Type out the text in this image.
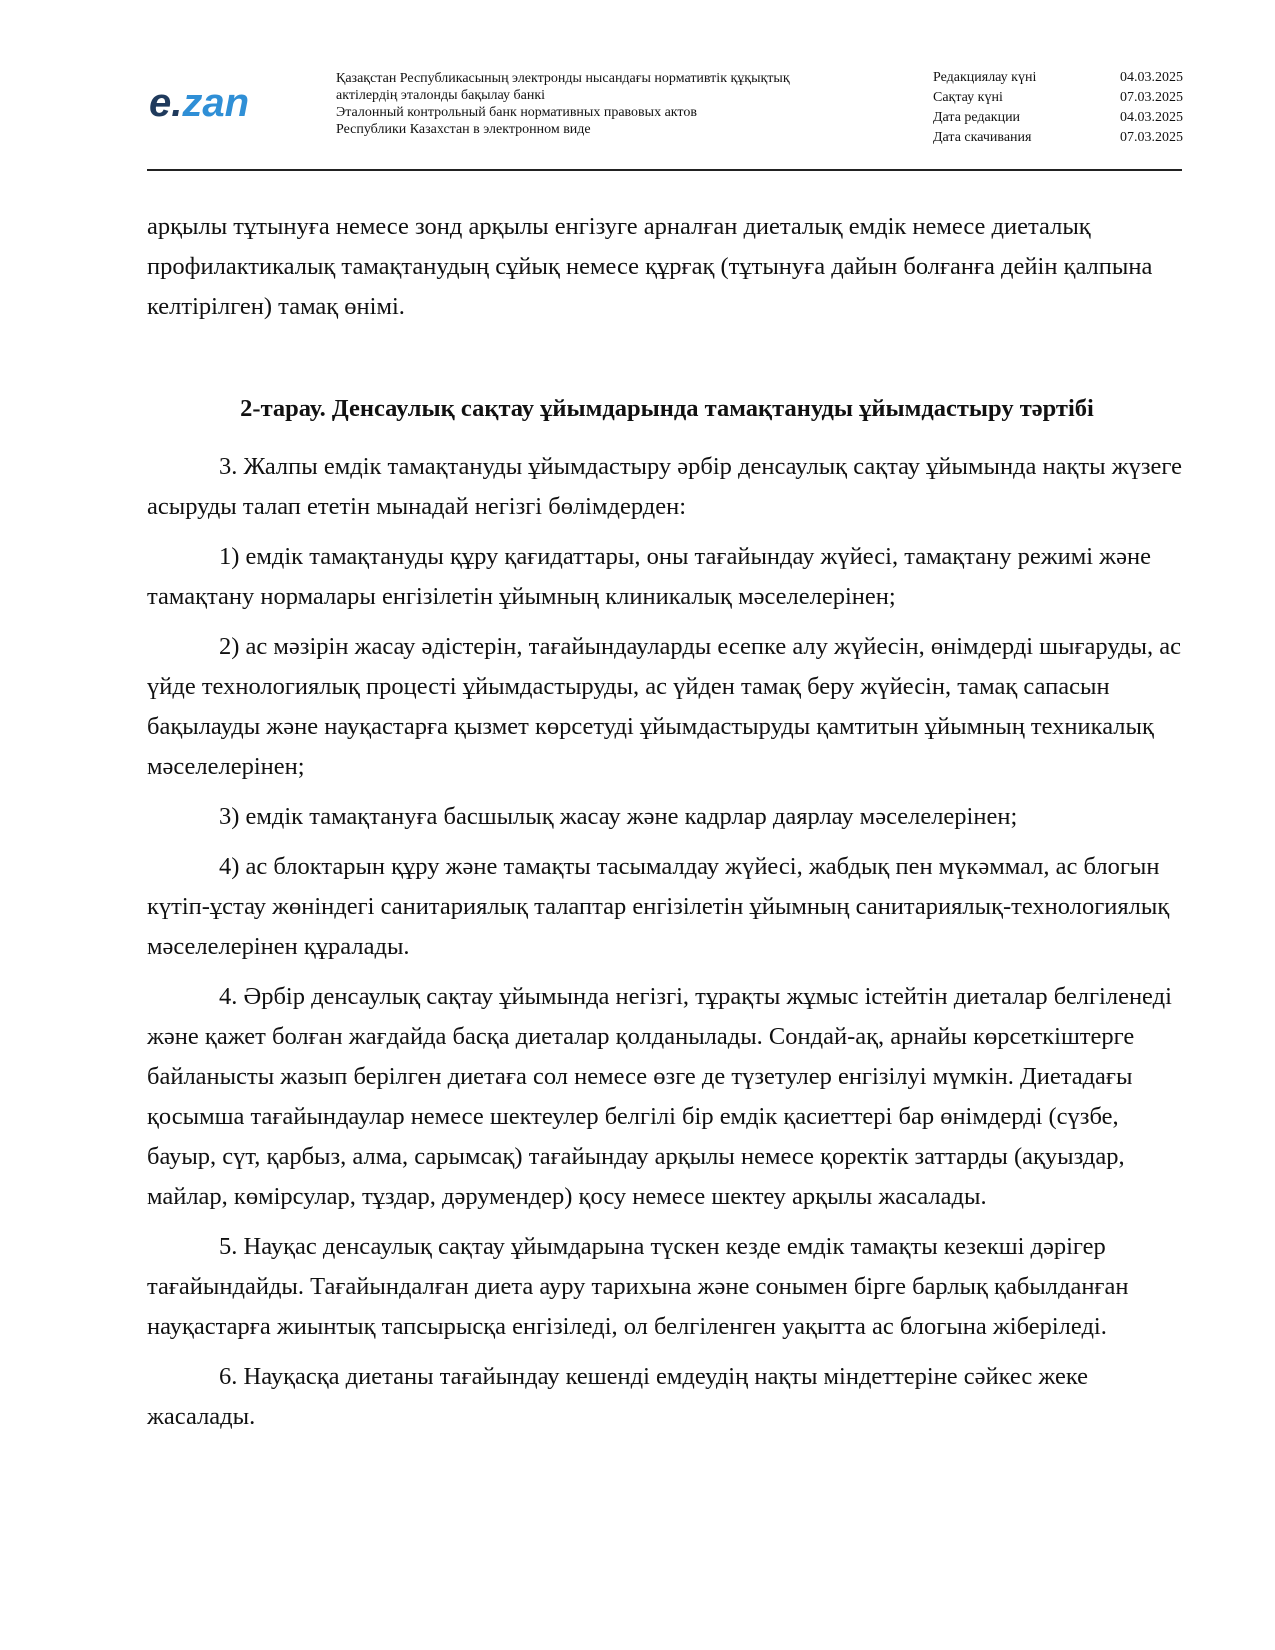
e.zan
Қазақстан Республикасының электронды нысандағы нормативтік құқықтық
актілердің эталонды бақылау банкі
Эталонный контрольный банк нормативных правовых актов
Республики Казахстан в электронном виде
Редакциялау күні	04.03.2025
Сақтау күні	07.03.2025
Дата редакции	04.03.2025
Дата скачивания	07.03.2025

арқылы тұтынуға немесе зонд арқылы енгізуге арналған диеталық емдік немесе диеталық профилактикалық тамақтанудың сұйық немесе құрғақ (тұтынуға дайын болғанға дейін қалпына келтірілген) тамақ өнімі.

2-тарау. Денсаулық сақтау ұйымдарында тамақтануды ұйымдастыру тәртібі

3. Жалпы емдік тамақтануды ұйымдастыру әрбір денсаулық сақтау ұйымында нақты жүзеге асыруды талап ететін мынадай негізгі бөлімдерден:

1) емдік тамақтануды құру қағидаттары, оны тағайындау жүйесі, тамақтану режимі және тамақтану нормалары енгізілетін ұйымның клиникалық мәселелерінен;

2) ас мәзірін жасау әдістерін, тағайындауларды есепке алу жүйесін, өнімдерді шығаруды, ас үйде технологиялық процесті ұйымдастыруды, ас үйден тамақ беру жүйесін, тамақ сапасын бақылауды және науқастарға қызмет көрсетуді ұйымдастыруды қамтитын ұйымның техникалық мәселелерінен;

3) емдік тамақтануға басшылық жасау және кадрлар даярлау мәселелерінен;

4) ас блоктарын құру және тамақты тасымалдау жүйесі, жабдық пен мүкәммал, ас блогын күтіп-ұстау жөніндегі санитариялық талаптар енгізілетін ұйымның санитариялық-технологиялық мәселелерінен құралады.

4. Әрбір денсаулық сақтау ұйымында негізгі, тұрақты жұмыс істейтін диеталар белгіленеді және қажет болған жағдайда басқа диеталар қолданылады. Сондай-ақ, арнайы көрсеткіштерге байланысты жазып берілген диетаға сол немесе өзге де түзетулер енгізілуі мүмкін. Диетадағы қосымша тағайындаулар немесе шектеулер белгілі бір емдік қасиеттері бар өнімдерді (сүзбе, бауыр, сүт, қарбыз, алма, сарымсақ) тағайындау арқылы немесе қоректік заттарды (ақуыздар, майлар, көмірсулар, тұздар, дәрумендер) қосу немесе шектеу арқылы жасалады.

5. Науқас денсаулық сақтау ұйымдарына түскен кезде емдік тамақты кезекші дәрігер тағайындайды. Тағайындалған диета ауру тарихына және сонымен бірге барлық қабылданған науқастарға жиынтық тапсырысқа енгізіледі, ол белгіленген уақытта ас блогына жіберіледі.

6. Науқасқа диетаны тағайындау кешенді емдеудің нақты міндеттеріне сәйкес жеке жасалады.
